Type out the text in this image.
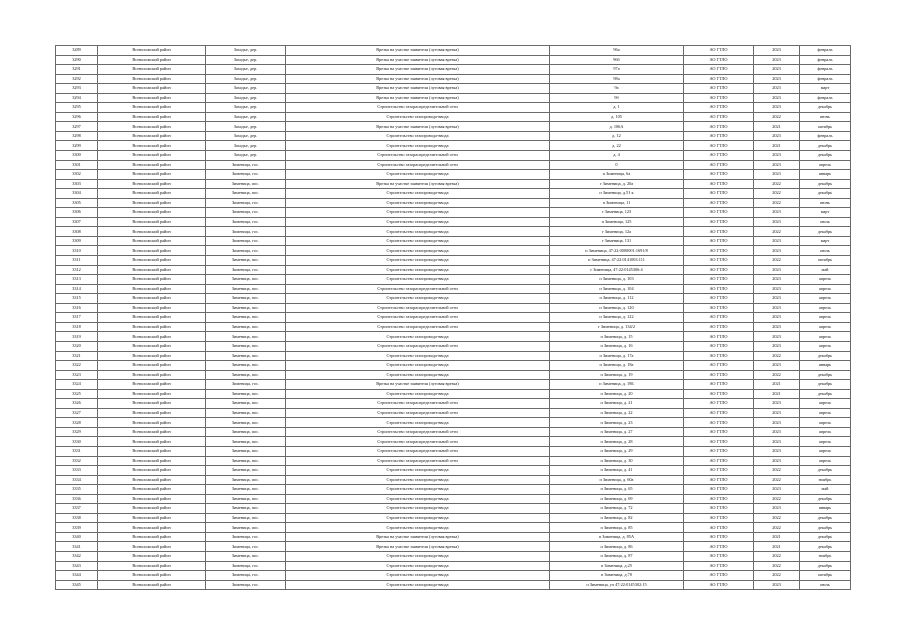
3289	Всеволожский район	Заходье, дер.	Врезка на участке заявителя (луговая врезка)	96а	АО ГТЛО	2023	февраль
3290	Всеволожский район	Заходье, дер.	Врезка на участке заявителя (луговая врезка)	96б	АО ГТЛО	2023	февраль
3291	Всеволожский район	Заходье, дер.	Врезка на участке заявителя (луговая врезка)	97а	АО ГТЛО	2023	февраль
3292	Всеволожский район	Заходье, дер.	Врезка на участке заявителя (луговая врезка)	98а	АО ГТЛО	2023	февраль
3293	Всеволожский район	Заходье, дер.	Врезка на участке заявителя (луговая врезка)	9а	АО ГТЛО	2023	март
3294	Всеволожский район	Заходье, дер.	Врезка на участке заявителя (луговая врезка)	9б	АО ГТЛО	2023	февраль
3295	Всеволожский район	Заходье, дер.	Строительство газораспределительной сети	д. 1	АО ГТЛО	2023	декабрь
3296	Всеволожский район	Заходье, дер.	Строительство газопровода-ввода	д. 105	АО ГТЛО	2022	июнь
3297	Всеволожский район	Заходье, дер.	Врезка на участке заявителя (луговая врезка)	д. 106А	АО ГТЛО	2021	октябрь
3298	Всеволожский район	Заходье, дер.	Строительство газопровода-ввода	д. 12	АО ГТЛО	2023	февраль
3299	Всеволожский район	Заходье, дер.	Строительство газопровода-ввода	д. 22	АО ГТЛО	2021	декабрь
3300	Всеволожский район	Заходье, дер.	Строительство газораспределительной сети	д. 4	АО ГТЛО	2023	декабрь
3301	Всеволожский район	Зименица, гос.	Строительство газораспределительной сети	0	АО ГТЛО	2023	апрель
3302	Всеволожский район	Зименица, гос.	Строительство газопровода-ввода	п Зименица, 6а	АО ГТЛО	2023	январь
3303	Всеволожский район	Зименица, пос.	Врезка на участке заявителя (луговая врезка)	г Зименица, д. 20а	АО ГТЛО	2022	декабрь
3304	Всеволожский район	Зименица, пос.	Строительство газопровода-ввода	п Зименица, д.51 к	АО ГТЛО	2022	декабрь
3305	Всеволожский район	Зименица, гос.	Строительство газопровода-ввода	п Зименица, 11	АО ГТЛО	2022	июнь
3306	Всеволожский район	Зименица, гос.	Строительство газопровода-ввода	г Зименица, 123	АО ГТЛО	2023	март
3307	Всеволожский район	Зименица, гос.	Строительство газопровода-ввода	п Зименица, 125	АО ГТЛО	2023	июль
3308	Всеволожский район	Зименица, гос.	Строительство газопровода-ввода	г Зименица, 12а	АО ГТЛО	2022	декабрь
3309	Всеволожский район	Зименица, гос.	Строительство газопровода-ввода	г Зименица, 131	АО ГТЛО	2023	март
3310	Всеволожский район	Зименица, гос.	Строительство газопровода-ввода	п Зименица, 47:22:0000001:1691/8	АО ГТЛО	2023	июль
3311	Всеволожский район	Зименица, пос.	Строительство газопровода-ввода	п Зименица, 47:22:0141003:111	АО ГТЛО	2022	октябрь
3312	Всеволожский район	Зименица, гос.	Строительство газопровода-ввода	г Зименица, 47:22:0145306:4	АО ГТЛО	2023	май
3313	Всеволожский район	Зименица, пос.	Строительство газопровода-ввода	п Зименица, д. 103	АО ГТЛО	2023	апрель
3314	Всеволожский район	Зименица, пос.	Строительство газораспределительной сети	п Зименица, д. 104	АО ГТЛО	2023	апрель
3315	Всеволожский район	Зименица, пос.	Строительство газопровода-ввода	п Зименица, д. 112	АО ГТЛО	2023	апрель
3316	Всеволожский район	Зименица, пос.	Строительство газораспределительной сети	п Зименица, д. 120	АО ГТЛО	2023	апрель
3317	Всеволожский район	Зименица, пос.	Строительство газораспределительной сети	п Зименица, д. 122	АО ГТЛО	2023	апрель
3318	Всеволожский район	Зименица, пос.	Строительство газораспределительной сети	г Зименица, д. 134/2	АО ГТЛО	2023	апрель
3319	Всеволожский район	Зименица, пос.	Строительство газопровода-ввода	п Зименица, д. 15	АО ГТЛО	2023	апрель
3320	Всеволожский район	Зименица, пос.	Строительство газораспределительной сети	п Зименица, д. 16	АО ГТЛО	2023	апрель
3321	Всеволожский район	Зименица, пос.	Строительство газопровода-ввода	п Зименица, д. 17а	АО ГТЛО	2022	декабрь
3322	Всеволожский район	Зименица, пос.	Строительство газопровода-ввода	п Зименица, д. 18а	АО ГТЛО	2023	январь
3323	Всеволожский район	Зименица, пос.	Строительство газопровода-ввода	п Зименица, д. 19	АО ГТЛО	2022	декабрь
3324	Всеволожский район	Зименица, гос.	Врезка на участке заявителя (луговая врезка)	п Зименица, д. 19Б	АО ГТЛО	2021	декабрь
3325	Всеволожский район	Зименица, пос.	Строительство газопровода-ввода	п Зименица, д. 20	АО ГТЛО	2021	декабрь
3326	Всеволожский район	Зименица, пос.	Строительство газораспределительной сети	п Зименица, д. 21	АО ГТЛО	2023	апрель
3327	Всеволожский район	Зименица, пос.	Строительство газораспределительной сети	п Зименица, д. 22	АО ГТЛО	2023	апрель
3328	Всеволожский район	Зименица, пос.	Строительство газопровода-ввода	п Зименица, д. 23	АО ГТЛО	2023	апрель
3329	Всеволожский район	Зименица, пос.	Строительство газораспределительной сети	п Зименица, д. 27	АО ГТЛО	2023	апрель
3330	Всеволожский район	Зименица, пос.	Строительство газораспределительной сети	п Зименица, д. 28	АО ГТЛО	2023	апрель
3331	Всеволожский район	Зименица, пос.	Строительство газораспределительной сети	п Зименица, д. 29	АО ГТЛО	2023	апрель
3332	Всеволожский район	Зименица, пос.	Строительство газораспределительной сети	п Зименица, д. 30	АО ГТЛО	2023	апрель
3333	Всеволожский район	Зименица, пос.	Строительство газопровода-ввода	п Зименица, д. 41	АО ГТЛО	2022	декабрь
3334	Всеволожский район	Зименица, пос.	Строительство газопровода-ввода	п Зименица, д. 60а	АО ГТЛО	2022	ноябрь
3335	Всеволожский район	Зименица, пос.	Строительство газопровода-ввода	п Зименица, д. 65	АО ГТЛО	2023	май
3336	Всеволожский район	Зименица, пос.	Строительство газопровода-ввода	п Зименица, д. 69	АО ГТЛО	2022	декабрь
3337	Всеволожский район	Зименица, пос.	Строительство газопровода-ввода	п Зименица, д. 72	АО ГТЛО	2023	январь
3338	Всеволожский район	Зименица, пос.	Строительство газопровода-ввода	п Зименица, д. 82	АО ГТЛО	2022	декабрь
3339	Всеволожский район	Зименица, пос.	Строительство газопровода-ввода	п Зименица, д. 85	АО ГТЛО	2022	декабрь
3340	Всеволожский район	Зименица, гос.	Врезка на участке заявителя (луговая врезка)	п Зименица, д. 85А	АО ГТЛО	2021	декабрь
3341	Всеволожский район	Зименица, гос.	Врезка на участке заявителя (луговая врезка)	п Зименица, д. 86	АО ГТЛО	2021	декабрь
3342	Всеволожский район	Зименица, пос.	Строительство газопровода-ввода	п Зименица, д. 87	АО ГТЛО	2022	ноябрь
3343	Всеволожский район	Зименица, гос.	Строительство газопровода-ввода	п Зименица, д.25	АО ГТЛО	2022	декабрь
3344	Всеволожский район	Зименица, гос.	Строительство газопровода-ввода	п Зименица, д.70	АО ГТЛО	2022	октябрь
3345	Всеволожский район	Зименица, гос.	Строительство газопровода-ввода	п Зименица, уч 47:22:0145302:15	АО ГТЛО	2023	июль
